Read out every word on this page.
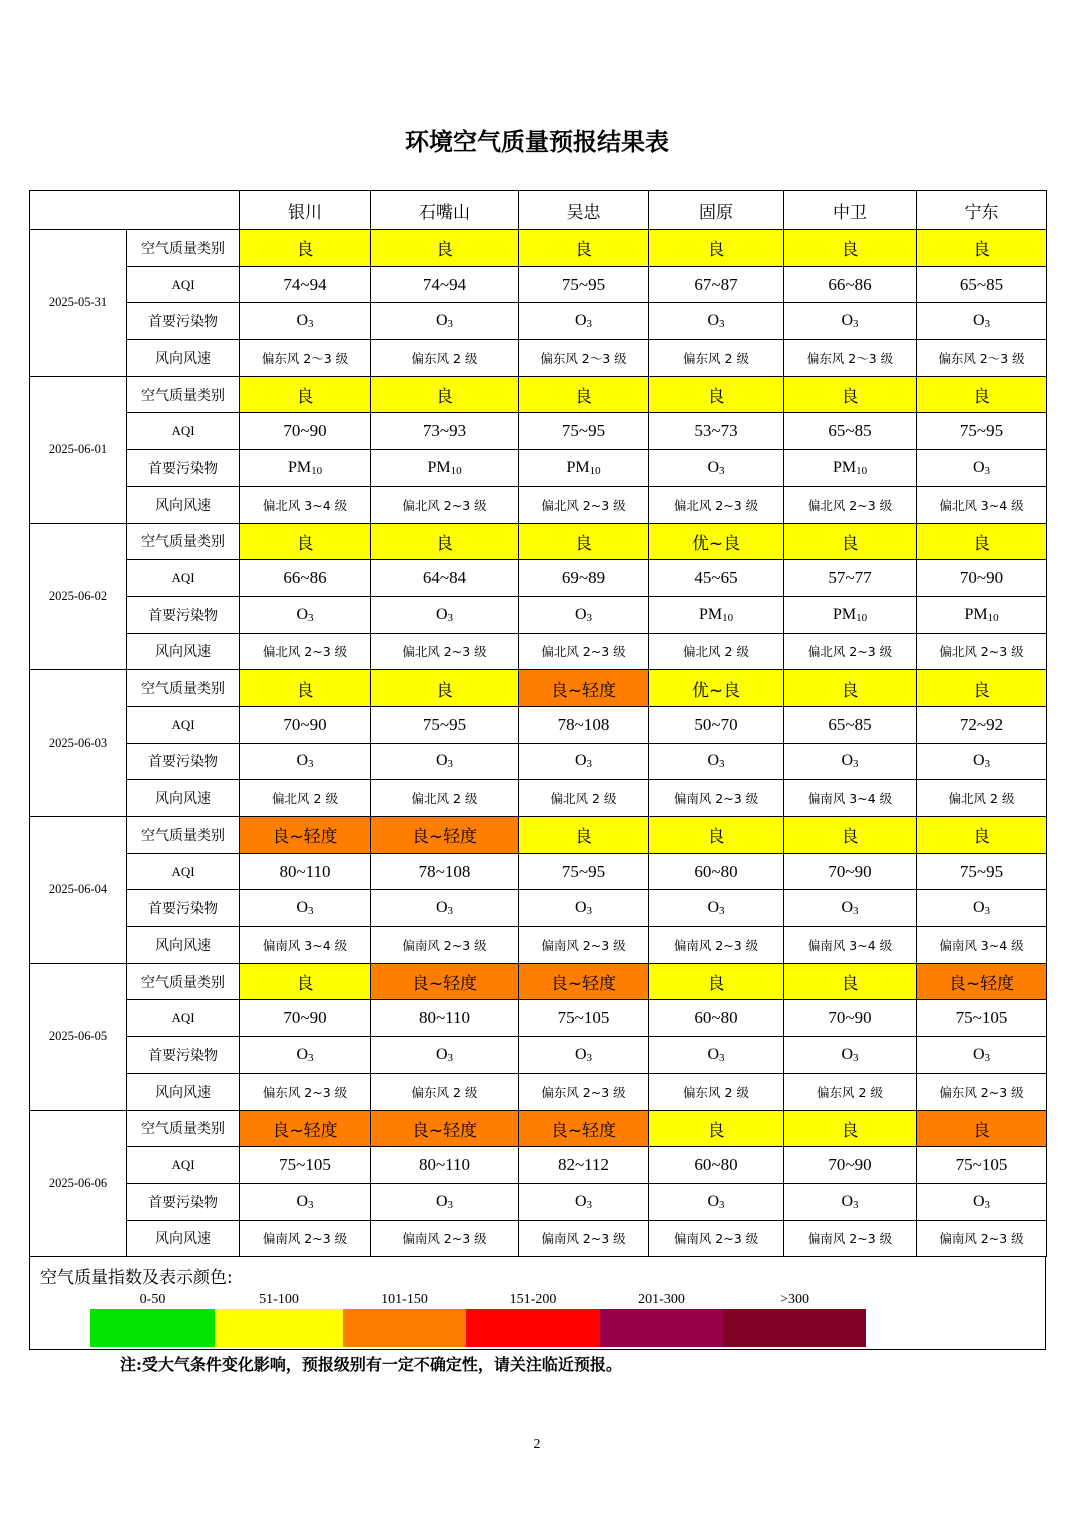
环境空气质量预报结果表
		银川	石嘴山	吴忠	固原	中卫	宁东
2025-05-31	空气质量类别	良	良	良	良	良	良
	AQI	74~94	74~94	75~95	67~87	66~86	65~85
	首要污染物	$O_3$	$O_3$	$O_3$	$O_3$	$O_3$	$O_3$
	风向风速	偏东风 2～3 级	偏东风 2 级	偏东风 2～3 级	偏东风 2 级	偏东风 2～3 级	偏东风 2～3 级
2025-06-01	空气质量类别	良	良	良	良	良	良
	AQI	70~90	73~93	75~95	53~73	65~85	75~95
	首要污染物	$PM_{10}$	$PM_{10}$	$PM_{10}$	$O_3$	$PM_{10}$	$O_3$
	风向风速	偏北风 3~4 级	偏北风 2~3 级	偏北风 2~3 级	偏北风 2~3 级	偏北风 2~3 级	偏北风 3~4 级
2025-06-02	空气质量类别	良	良	良	优~良	良	良
	AQI	66~86	64~84	69~89	45~65	57~77	70~90
	首要污染物	$O_3$	$O_3$	$O_3$	$PM_{10}$	$PM_{10}$	$PM_{10}$
	风向风速	偏北风 2~3 级	偏北风 2~3 级	偏北风 2~3 级	偏北风 2 级	偏北风 2~3 级	偏北风 2~3 级
2025-06-03	空气质量类别	良	良	良~轻度	优~良	良	良
	AQI	70~90	75~95	78~108	50~70	65~85	72~92
	首要污染物	$O_3$	$O_3$	$O_3$	$O_3$	$O_3$	$O_3$
	风向风速	偏北风 2 级	偏北风 2 级	偏北风 2 级	偏南风 2~3 级	偏南风 3~4 级	偏北风 2 级
2025-06-04	空气质量类别	良~轻度	良~轻度	良	良	良	良
	AQI	80~110	78~108	75~95	60~80	70~90	75~95
	首要污染物	$O_3$	$O_3$	$O_3$	$O_3$	$O_3$	$O_3$
	风向风速	偏南风 3~4 级	偏南风 2~3 级	偏南风 2~3 级	偏南风 2~3 级	偏南风 3~4 级	偏南风 3~4 级
2025-06-05	空气质量类别	良	良~轻度	良~轻度	良	良	良~轻度
	AQI	70~90	80~110	75~105	60~80	70~90	75~105
	首要污染物	$O_3$	$O_3$	$O_3$	$O_3$	$O_3$	$O_3$
	风向风速	偏东风 2~3 级	偏东风 2 级	偏东风 2~3 级	偏东风 2 级	偏东风 2 级	偏东风 2~3 级
2025-06-06	空气质量类别	良~轻度	良~轻度	良~轻度	良	良	良
	AQI	75~105	80~110	82~112	60~80	70~90	75~105
	首要污染物	$O_3$	$O_3$	$O_3$	$O_3$	$O_3$	$O_3$
	风向风速	偏南风 2~3 级	偏南风 2~3 级	偏南风 2~3 级	偏南风 2~3 级	偏南风 2~3 级	偏南风 2~3 级
空气质量指数及表示颜色:
0-50	51-100	101-150	151-200	201-300	>300
注:受大气条件变化影响，预报级别有一定不确定性，请关注临近预报。
2
